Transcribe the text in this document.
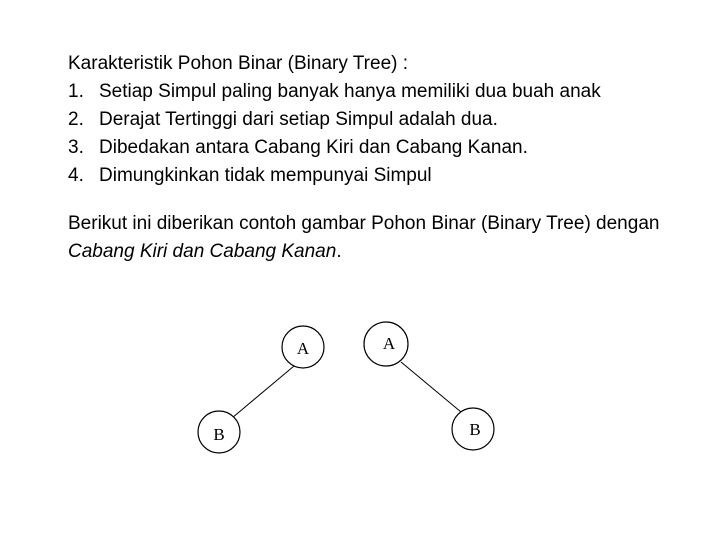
Karakteristik Pohon Binar (Binary Tree) :

1. Setiap Simpul paling banyak hanya memiliki dua buah anak
2. Derajat Tertinggi dari setiap Simpul adalah dua.
3. Dibedakan antara Cabang Kiri dan Cabang Kanan.
4. Dimungkinkan tidak mempunyai Simpul

Berikut ini diberikan contoh gambar Pohon Binar (Binary Tree) dengan Cabang Kiri dan Cabang Kanan.

A
B
A
B
